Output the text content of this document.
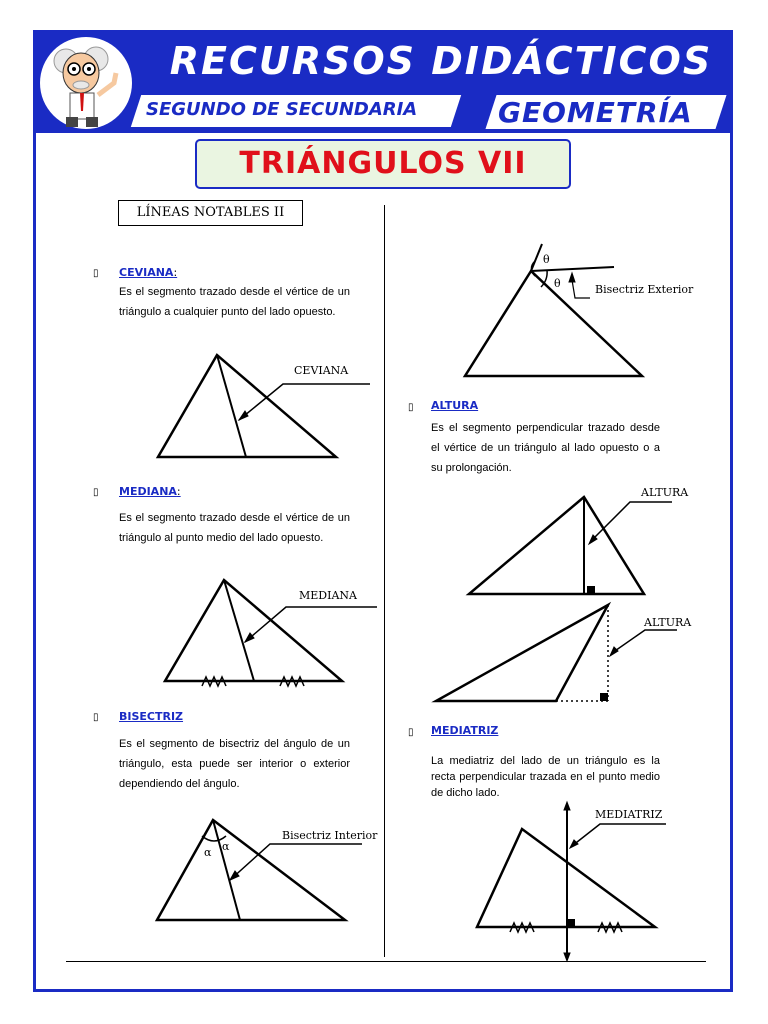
RECURSOS DIDÁCTICOS
SEGUNDO DE SECUNDARIA	GEOMETRÍA
TRIÁNGULOS VII
LÍNEAS NOTABLES II
▯ CEVIANA:
Es el segmento trazado desde el vértice de un triángulo a cualquier punto del lado opuesto.
CEVIANA
▯ MEDIANA:
Es el segmento trazado desde el vértice de un triángulo al punto medio del lado opuesto.
MEDIANA
▯ BISECTRIZ
Es el segmento de bisectriz del ángulo de un triángulo, esta puede ser interior o exterior dependiendo del ángulo.
Bisectriz Interior
α α
θ
θ	Bisectriz Exterior
▯ ALTURA
Es el segmento perpendicular trazado desde el vértice de un triángulo al lado opuesto o a su prolongación.
ALTURA
ALTURA
▯ MEDIATRIZ
La mediatriz del lado de un triángulo es la recta perpendicular trazada en el punto medio de dicho lado.
MEDIATRIZ
